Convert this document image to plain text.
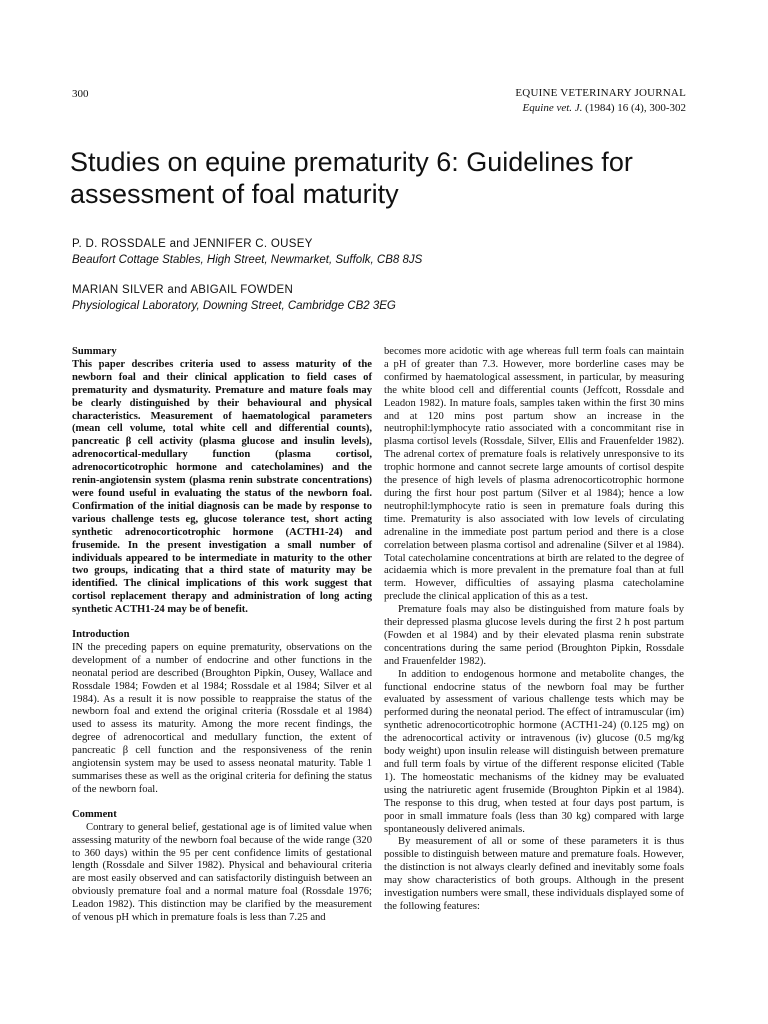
300	EQUINE VETERINARY JOURNAL
Equine vet. J. (1984) 16 (4), 300-302
Studies on equine prematurity 6: Guidelines for assessment of foal maturity
P. D. ROSSDALE and JENNIFER C. OUSEY
Beaufort Cottage Stables, High Street, Newmarket, Suffolk, CB8 8JS
MARIAN SILVER and ABIGAIL FOWDEN
Physiological Laboratory, Downing Street, Cambridge CB2 3EG

Summary

This paper describes criteria used to assess maturity of the newborn foal and their clinical application to field cases of prematurity and dysmaturity. Premature and mature foals may be clearly distinguished by their behavioural and physical characteristics. Measurement of haematological parameters (mean cell volume, total white cell and differential counts), pancreatic β cell activity (plasma glucose and insulin levels), adrenocortical-medullary function (plasma cortisol, adrenocorticotrophic hormone and catecholamines) and the renin-angiotensin system (plasma renin substrate concentrations) were found useful in evaluating the status of the newborn foal. Confirmation of the initial diagnosis can be made by response to various challenge tests eg, glucose tolerance test, short acting synthetic adrenocorticotrophic hormone (ACTH1-24) and frusemide. In the present investigation a small number of individuals appeared to be intermediate in maturity to the other two groups, indicating that a third state of maturity may be identified. The clinical implications of this work suggest that cortisol replacement therapy and administration of long acting synthetic ACTH1-24 may be of benefit.

Introduction

IN the preceding papers on equine prematurity, observations on the development of a number of endocrine and other functions in the neonatal period are described (Broughton Pipkin, Ousey, Wallace and Rossdale 1984; Fowden et al 1984; Rossdale et al 1984; Silver et al 1984). As a result it is now possible to reappraise the status of the newborn foal and extend the original criteria (Rossdale et al 1984) used to assess its maturity. Among the more recent findings, the degree of adrenocortical and medullary function, the extent of pancreatic β cell function and the responsiveness of the renin angiotensin system may be used to assess neonatal maturity. Table 1 summarises these as well as the original criteria for defining the status of the newborn foal.

Comment

Contrary to general belief, gestational age is of limited value when assessing maturity of the newborn foal because of the wide range (320 to 360 days) within the 95 per cent confidence limits of gestational length (Rossdale and Silver 1982). Physical and behavioural criteria are most easily observed and can satisfactorily distinguish between an obviously premature foal and a normal mature foal (Rossdale 1976; Leadon 1982). This distinction may be clarified by the measurement of venous pH which in premature foals is less than 7.25 and

becomes more acidotic with age whereas full term foals can maintain a pH of greater than 7.3. However, more borderline cases may be confirmed by haematological assessment, in particular, by measuring the white blood cell and differential counts (Jeffcott, Rossdale and Leadon 1982). In mature foals, samples taken within the first 30 mins and at 120 mins post partum show an increase in the neutrophil:lymphocyte ratio associated with a concommitant rise in plasma cortisol levels (Rossdale, Silver, Ellis and Frauenfelder 1982). The adrenal cortex of premature foals is relatively unresponsive to its trophic hormone and cannot secrete large amounts of cortisol despite the presence of high levels of plasma adrenocorticotrophic hormone during the first hour post partum (Silver et al 1984); hence a low neutrophil:lymphocyte ratio is seen in premature foals during this time. Prematurity is also associated with low levels of circulating adrenaline in the immediate post partum period and there is a close correlation between plasma cortisol and adrenaline (Silver et al 1984). Total catecholamine concentrations at birth are related to the degree of acidaemia which is more prevalent in the premature foal than at full term. However, difficulties of assaying plasma catecholamine preclude the clinical application of this as a test.

Premature foals may also be distinguished from mature foals by their depressed plasma glucose levels during the first 2 h post partum (Fowden et al 1984) and by their elevated plasma renin substrate concentrations during the same period (Broughton Pipkin, Rossdale and Frauenfelder 1982).

In addition to endogenous hormone and metabolite changes, the functional endocrine status of the newborn foal may be further evaluated by assessment of various challenge tests which may be performed during the neonatal period. The effect of intramuscular (im) synthetic adrenocorticotrophic hormone (ACTH1-24) (0.125 mg) on the adrenocortical activity or intravenous (iv) glucose (0.5 mg/kg body weight) upon insulin release will distinguish between premature and full term foals by virtue of the different response elicited (Table 1). The homeostatic mechanisms of the kidney may be evaluated using the natriuretic agent frusemide (Broughton Pipkin et al 1984). The response to this drug, when tested at four days post partum, is poor in small immature foals (less than 30 kg) compared with large spontaneously delivered animals.

By measurement of all or some of these parameters it is thus possible to distinguish between mature and premature foals. However, the distinction is not always clearly defined and inevitably some foals may show characteristics of both groups. Although in the present investigation numbers were small, these individuals displayed some of the following features:
